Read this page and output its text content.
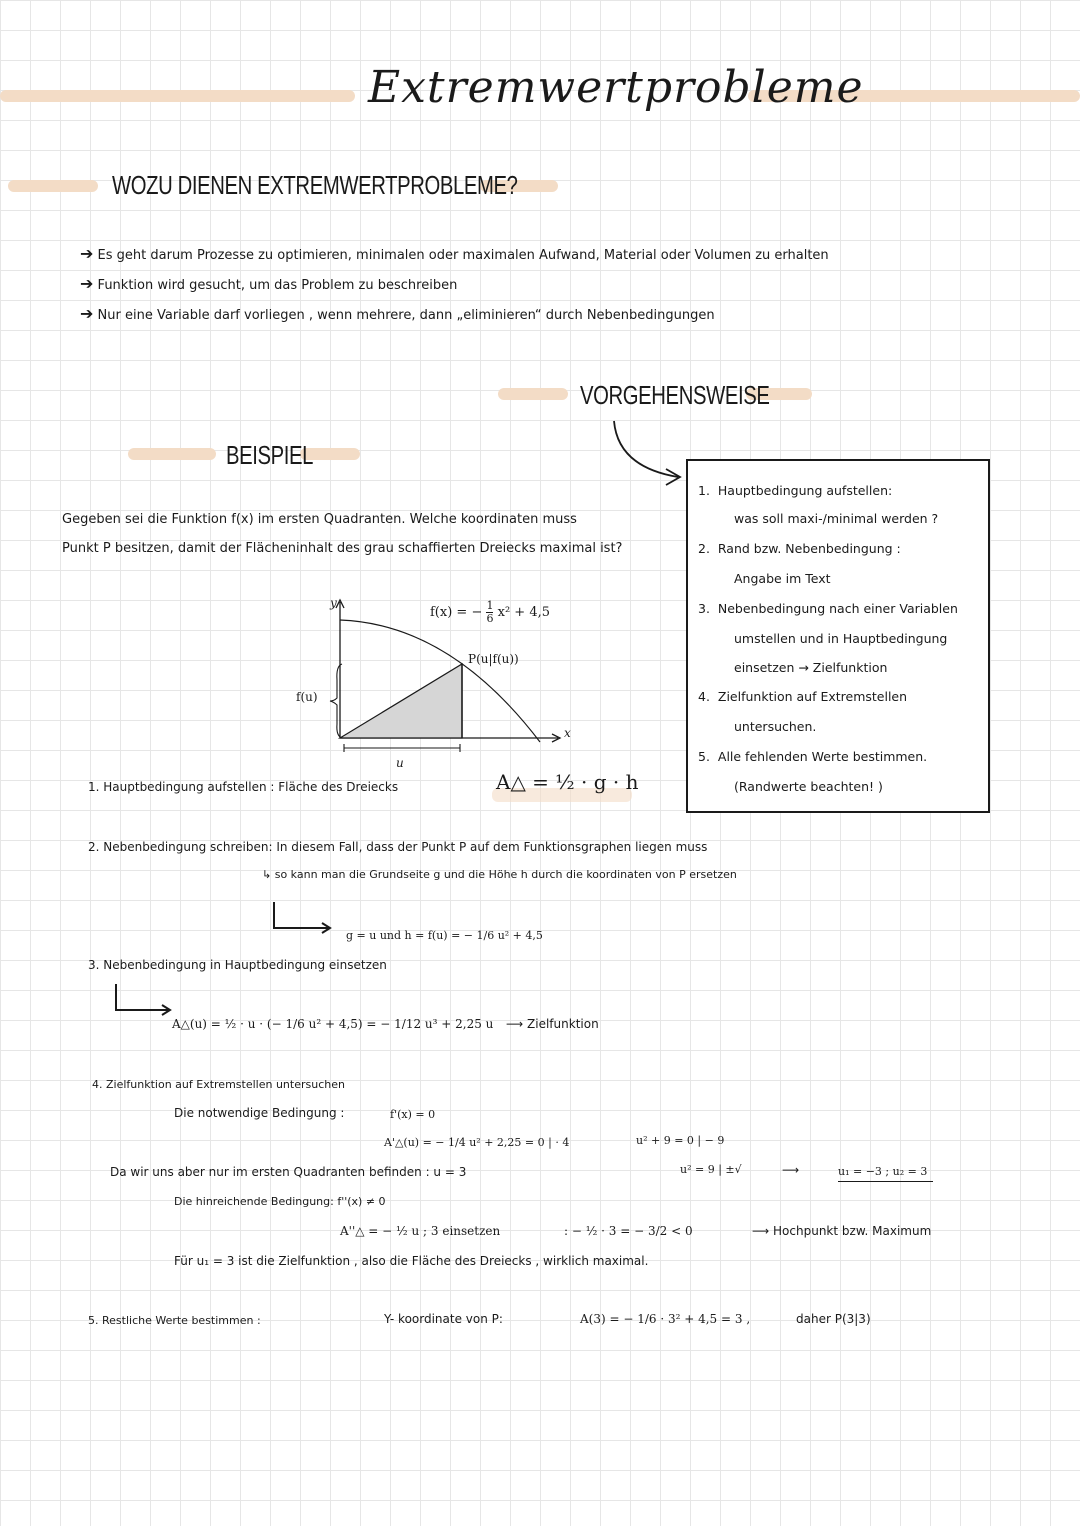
Extremwertprobleme
WOZU DIENEN EXTREMWERTPROBLEME?
➔ Es geht darum Prozesse zu optimieren, minimalen oder maximalen Aufwand, Material oder Volumen zu erhalten
➔ Funktion wird gesucht, um das Problem zu beschreiben
➔ Nur eine Variable darf vorliegen , wenn mehrere, dann „eliminieren“ durch Nebenbedingungen
VORGEHENSWEISE
1. Hauptbedingung aufstellen:
was soll maxi-/minimal werden ?
2. Rand bzw. Nebenbedingung :
Angabe im Text
3. Nebenbedingung nach einer Variablen
umstellen und in Hauptbedingung
einsetzen → Zielfunktion
4. Zielfunktion auf Extremstellen
untersuchen.
5. Alle fehlenden Werte bestimmen.
(Randwerte beachten! )
BEISPIEL
Gegeben sei die Funktion f(x) im ersten Quadranten. Welche koordinaten muss
Punkt P besitzen, damit der Flächeninhalt des grau schaffierten Dreiecks maximal ist?
y
x
f(x) = − $\frac{1}{6} x^2 + 4,5$
P(u|f(u))
f(u)
u
1. Hauptbedingung aufstellen : Fläche des Dreiecks	A△ = ½ · g · h
2. Nebenbedingung schreiben: In diesem Fall, dass der Punkt P auf dem Funktionsgraphen liegen muss
↳ so kann man die Grundseite g und die Höhe h durch die koordinaten von P ersetzen
g = u und h = f(u) = − 1/6 u² + 4,5
3. Nebenbedingung in Hauptbedingung einsetzen
A△(u) = ½ · u · (− 1/6 u² + 4,5) = − 1/12 u³ + 2,25 u ⟶ Zielfunktion
4. Zielfunktion auf Extremstellen untersuchen
Die notwendige Bedingung :	f'(x) = 0
A'△(u) = − 1/4 u² + 2,25 = 0 | · 4	u² + 9 = 0 | − 9
u² = 9 | ±√	⟶	u₁ = −3 ; u₂ = 3
Da wir uns aber nur im ersten Quadranten befinden : u = 3
Die hinreichende Bedingung: f''(x) ≠ 0
A''△ = − ½ u ; 3 einsetzen	: − ½ · 3 = − 3/2 < 0	⟶ Hochpunkt bzw. Maximum
Für u₁ = 3 ist die Zielfunktion , also die Fläche des Dreiecks , wirklich maximal.
5. Restliche Werte bestimmen :	Y- koordinate von P:	A(3) = − 1/6 · 3² + 4,5 = 3 ,	daher P(3|3)
